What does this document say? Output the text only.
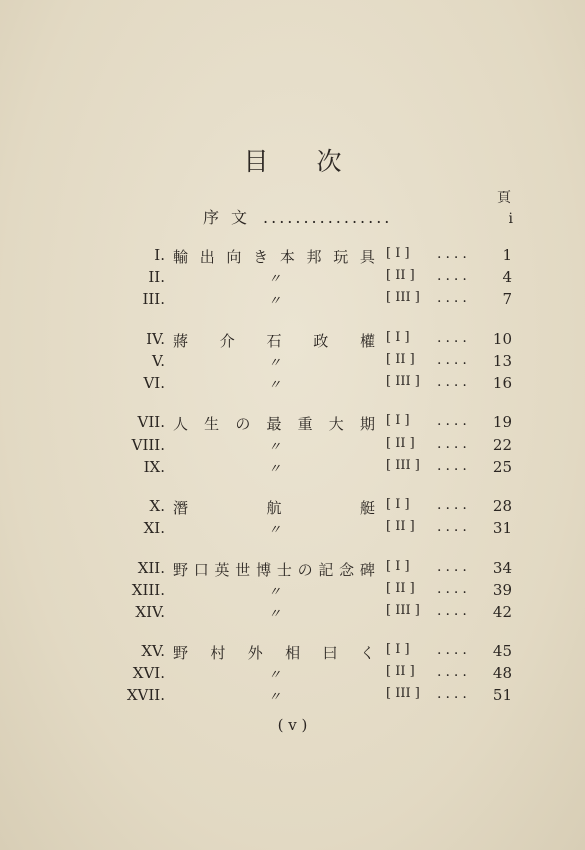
目 次
頁
序文 ................	i
I. 輸 出 向 き 本 邦 玩 具 [ I ] .... 1
II.	〃	[ II ] .... 4
III.	〃	[ III ] .... 7
IV. 蔣 介 石 政 權 [ I ] .... 10
V.	〃	[ II ] .... 13
VI.	〃	[ III ] .... 16
VII. 人 生 の 最 重 大 期 [ I ] .... 19
VIII.	〃	[ II ] .... 22
IX.	〃	[ III ] .... 25
X. 潛	航	艇 [ I ] .... 28
XI.	〃	[ II ] .... 31
XII. 野 口 英 世 博 士 の 記 念 碑 [ I ] .... 34
XIII.	〃	[ II ] .... 39
XIV.	〃	[ III ] .... 42
XV. 野 村 外 相 曰 く [ I ] .... 45
XVI.	〃	[ II ] .... 48
XVII.	〃	[ III ] .... 51
( v )
